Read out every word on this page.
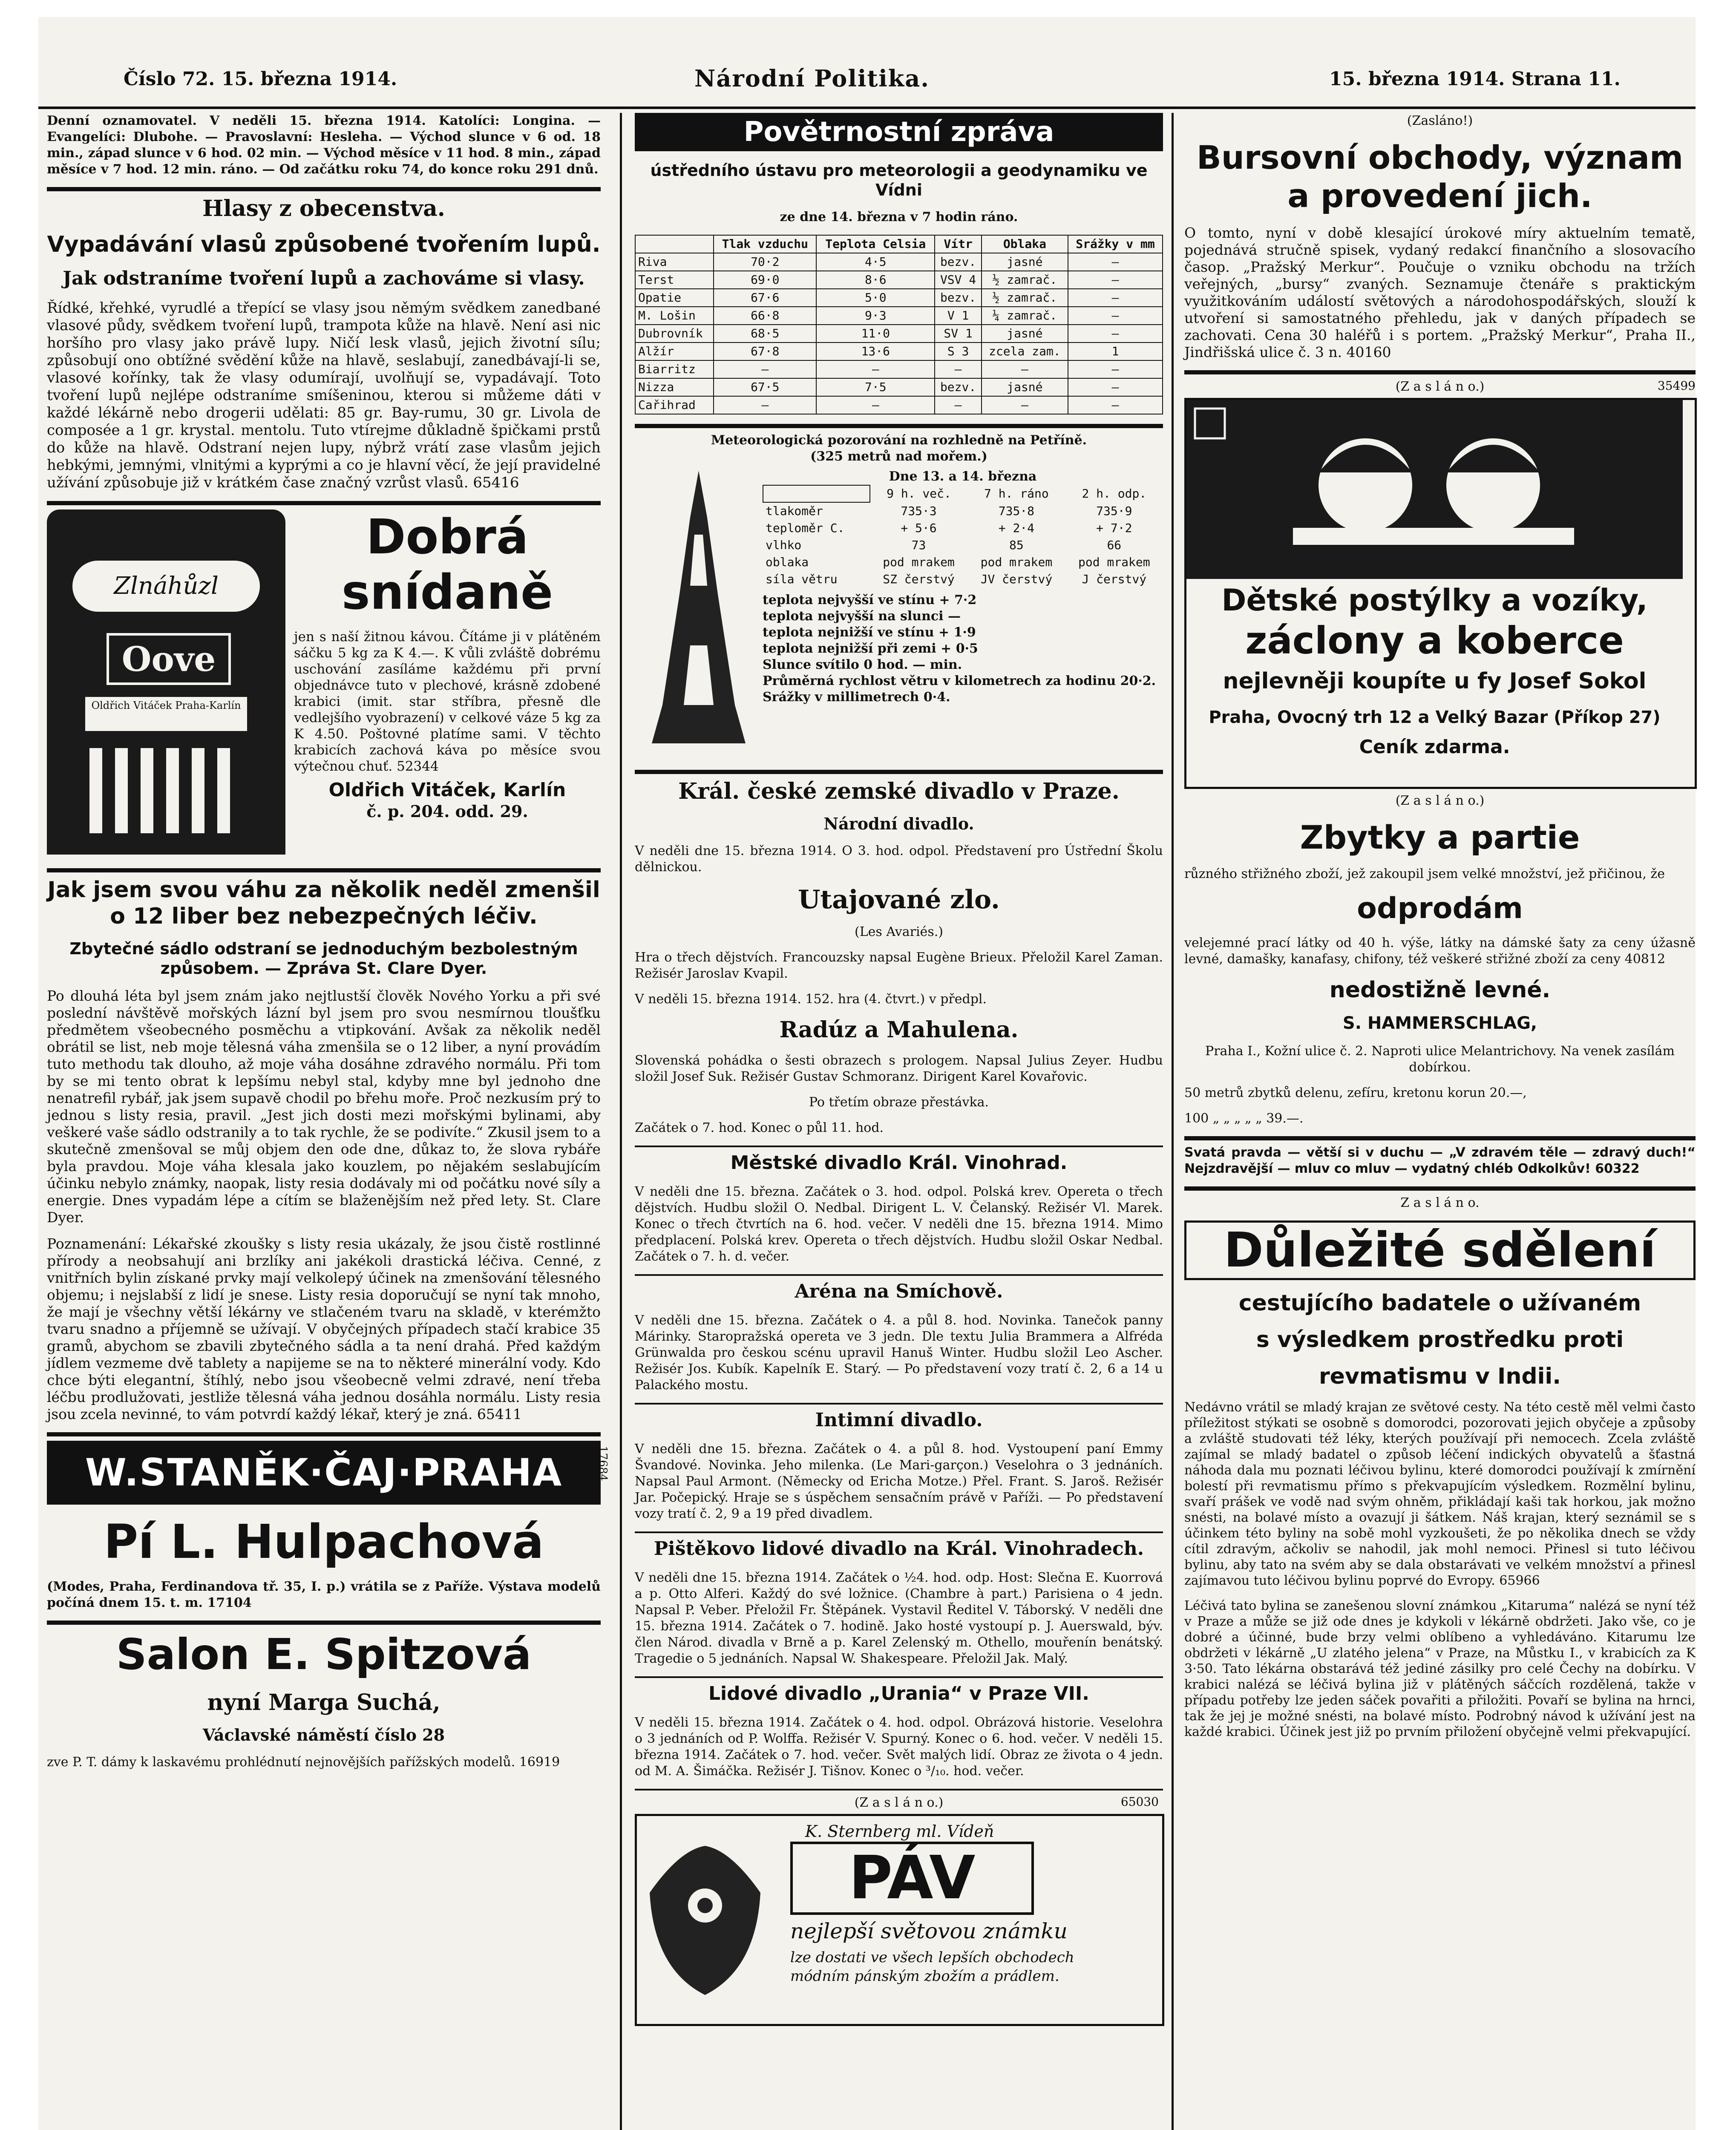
Číslo 72. 15. března 1914.	Národní Politika.	15. března 1914. Strana 11.
Denní oznamovatel. V neděli 15. března 1914. Katolíci: Longina. — Evangelíci: Dlubohe. — Pravoslavní: Hesleha. — Východ slunce v 6 od. 18 min., západ slunce v 6 hod. 02 min. — Východ měsíce v 11 hod. 8 min., západ měsíce v 7 hod. 12 min. ráno. — Od začátku roku 74, do konce roku 291 dnů.
Hlasy z obecenstva.
Vypadávání vlasů způsobené tvořením lupů.
Jak odstraníme tvoření lupů a zachováme si vlasy.
Řídké, křehké, vyrudlé a třepící se vlasy jsou němým svědkem zanedbané vlasové půdy, svědkem tvoření lupů, trampota kůže na hlavě. Není asi nic horšího pro vlasy jako právě lupy. Ničí lesk vlasů, jejich životní sílu; způsobují ono obtížné svědění kůže na hlavě, seslabují, zanedbávají-li se, vlasové kořínky, tak že vlasy odumírají, uvolňují se, vypadávají. Toto tvoření lupů nejlépe odstraníme smíšeninou, kterou si můžeme dáti v každé lékárně nebo drogerii udělati: 85 gr. Bay-rumu, 30 gr. Livola de composée a 1 gr. krystal. mentolu. Tuto vtírejme důkladně špičkami prstů do kůže na hlavě. Odstraní nejen lupy, nýbrž vrátí zase vlasům jejich hebkými, jemnými, vlnitými a kyprými a co je hlavní věcí, že její pravidelné užívání způsobuje již v krátkém čase značný vzrůst vlasů. 65416
Zlnáhůzl
Oove
Oldřich Vitáček Praha-Karlín
Dobrá snídaně
jen s naší žitnou kávou. Čítáme ji v plátěném sáčku 5 kg za K 4.—. K vůli zvláště dobrému uschování zasíláme každému při první objednávce tuto v plechové, krásně zdobené krabici (imit. star stříbra, přesně dle vedlejšího vyobrazení) v celkové váze 5 kg za K 4.50. Poštovné platíme sami. V těchto krabicích zachová káva po měsíce svou výtečnou chuť. 52344
Oldřich Vitáček, Karlín
č. p. 204. odd. 29.
Jak jsem svou váhu za několik neděl zmenšil o 12 liber bez nebezpečných léčiv.
Zbytečné sádlo odstraní se jednoduchým bezbolestným způsobem. — Zpráva St. Clare Dyer.
Po dlouhá léta byl jsem znám jako nejtlustší člověk Nového Yorku a při své poslední návštěvě mořských lázní byl jsem pro svou nesmírnou tloušťku předmětem všeobecného posměchu a vtipkování. Avšak za několik neděl obrátil se list, neb moje tělesná váha zmenšila se o 12 liber, a nyní provádím tuto methodu tak dlouho, až moje váha dosáhne zdravého normálu. Při tom by se mi tento obrat k lepšímu nebyl stal, kdyby mne byl jednoho dne nenatrefil rybář, jak jsem supavě chodil po břehu moře. Proč nezkusím prý to jednou s listy resia, pravil. „Jest jich dosti mezi mořskými bylinami, aby veškeré vaše sádlo odstranily a to tak rychle, že se podivíte.“ Zkusil jsem to a skutečně zmenšoval se můj objem den ode dne, důkaz to, že slova rybáře byla pravdou. Moje váha klesala jako kouzlem, po nějakém seslabujícím účinku nebylo známky, naopak, listy resia dodávaly mi od počátku nové síly a energie. Dnes vypadám lépe a cítím se blaženějším než před lety. St. Clare Dyer.
Poznamenání: Lékařské zkoušky s listy resia ukázaly, že jsou čistě rostlinné přírody a neobsahují ani brzlíky ani jakékoli drastická léčiva. Cenné, z vnitřních bylin získané prvky mají velkolepý účinek na zmenšování tělesného objemu; i nejslabší z lidí je snese. Listy resia doporučují se nyní tak mnoho, že mají je všechny větší lékárny ve stlačeném tvaru na skladě, v kterémžto tvaru snadno a příjemně se užívají. V obyčejných případech stačí krabice 35 gramů, abychom se zbavili zbytečného sádla a ta není drahá. Před každým jídlem vezmeme dvě tablety a napijeme se na to některé minerální vody. Kdo chce býti elegantní, štíhlý, nebo jsou všeobecně velmi zdravé, není třeba léčbu prodlužovati, jestliže tělesná váha jednou dosáhla normálu. Listy resia jsou zcela nevinné, to vám potvrdí každý lékař, který je zná. 65411
W.STANĚK·ČAJ·PRAHA	17684
Pí L. Hulpachová
(Modes, Praha, Ferdinandova tř. 35, I. p.) vrátila se z Paříže. Výstava modelů počíná dnem 15. t. m. 17104
Salon E. Spitzová
nyní Marga Suchá,
Václavské náměstí číslo 28
zve P. T. dámy k laskavému prohlédnutí nejnovějších pařížských modelů. 16919
Povětrnostní zpráva
ústředního ústavu pro meteorologii a geodynamiku ve Vídni
ze dne 14. března v 7 hodin ráno.
	Tlak vzduchu	Teplota Celsia	Vítr	Oblaka	Srážky v mm
Riva	70·2	4·5	bezv.	jasné	—
Terst	69·0	8·6	VSV 4	½ zamrač.	—
Opatie	67·6	5·0	bezv.	½ zamrač.	—
M. Lošin	66·8	9·3	V 1	¼ zamrač.	—
Dubrovník	68·5	11·0	SV 1	jasné	—
Alžír	67·8	13·6	S 3	zcela zam.	1
Biarritz	—	—	—	—	—
Nizza	67·5	7·5	bezv.	jasné	—
Cařihrad	—	—	—	—	—
Meteorologická pozorování na rozhledně na Petříně.
(325 metrů nad mořem.)
Dne 13. a 14. března
	9 h. več.	7 h. ráno	2 h. odp.
tlakoměr	735·3	735·8	735·9
teploměr C.	+ 5·6	+ 2·4	+ 7·2
vlhko	73	85	66
oblaka	pod mrakem	pod mrakem	pod mrakem
síla větru	SZ čerstvý	JV čerstvý	J čerstvý
teplota nejvyšší ve stínu + 7·2
teplota nejvyšší na slunci —
teplota nejnižší ve stínu + 1·9
teplota nejnižší při zemi + 0·5
Slunce svítilo 0 hod. — min.
Průměrná rychlost větru v kilometrech za hodinu 20·2.
Srážky v millimetrech 0·4.
Král. české zemské divadlo v Praze.
Národní divadlo.
V neděli dne 15. března 1914. O 3. hod. odpol. Představení pro Ústřední Školu dělnickou.
Utajované zlo.
(Les Avariés.)
Hra o třech dějstvích. Francouzsky napsal Eugène Brieux. Přeložil Karel Zaman. Režisér Jaroslav Kvapil.
V neděli 15. března 1914. 152. hra (4. čtvrt.) v předpl.
Radúz a Mahulena.
Slovenská pohádka o šesti obrazech s prologem. Napsal Julius Zeyer. Hudbu složil Josef Suk. Režisér Gustav Schmoranz. Dirigent Karel Kovařovic.
Po třetím obraze přestávka.
Začátek o 7. hod. Konec o půl 11. hod.
Městské divadlo Král. Vinohrad.
V neděli dne 15. března. Začátek o 3. hod. odpol. Polská krev. Opereta o třech dějstvích. Hudbu složil O. Nedbal. Dirigent L. V. Čelanský. Režisér Vl. Marek. Konec o třech čtvrtích na 6. hod. večer. V neděli dne 15. března 1914. Mimo předplacení. Polská krev. Opereta o třech dějstvích. Hudbu složil Oskar Nedbal. Začátek o 7. h. d. večer.
Aréna na Smíchově.
V neděli dne 15. března. Začátek o 4. a půl 8. hod. Novinka. Tanečok panny Márinky. Staropražská opereta ve 3 jedn. Dle textu Julia Brammera a Alfréda Grünwalda pro českou scénu upravil Hanuš Winter. Hudbu složil Leo Ascher. Režisér Jos. Kubík. Kapelník E. Starý. — Po představení vozy tratí č. 2, 6 a 14 u Palackého mostu.
Intimní divadlo.
V neděli dne 15. března. Začátek o 4. a půl 8. hod. Vystoupení paní Emmy Švandové. Novinka. Jeho milenka. (Le Mari-garçon.) Veselohra o 3 jednáních. Napsal Paul Armont. (Německy od Ericha Motze.) Přel. Frant. S. Jaroš. Režisér Jar. Počepický. Hraje se s úspěchem sensačním právě v Paříži. — Po představení vozy tratí č. 2, 9 a 19 před divadlem.
Pištěkovo lidové divadlo na Král. Vinohradech.
V neděli dne 15. března 1914. Začátek o ½4. hod. odp. Host: Slečna E. Kuorrová a p. Otto Alferi. Každý do své ložnice. (Chambre à part.) Parisiena o 4 jedn. Napsal P. Veber. Přeložil Fr. Štěpánek. Vystavil Ředitel V. Táborský. V neděli dne 15. března 1914. Začátek o 7. hodině. Jako hosté vystoupí p. J. Auerswald, býv. člen Národ. divadla v Brně a p. Karel Zelenský m. Othello, mouřenín benátský. Tragedie o 5 jednáních. Napsal W. Shakespeare. Přeložil Jak. Malý.
Lidové divadlo „Urania“ v Praze VII.
V neděli 15. března 1914. Začátek o 4. hod. odpol. Obrázová historie. Veselohra o 3 jednáních od P. Wolffa. Režisér V. Spurný. Konec o 6. hod. večer. V neděli 15. března 1914. Začátek o 7. hod. večer. Svět malých lidí. Obraz ze života o 4 jedn. od M. A. Šimáčka. Režisér J. Tišnov. Konec o ³/₁₀. hod. večer.
(Z a s l á n o.)	65030
K. Sternberg ml. Vídeň
PÁV
nejlepší světovou známku
lze dostati ve všech lepších obchodech módním pánským zbožím a prádlem.
(Zasláno!)
Bursovní obchody, význam a provedení jich.
O tomto, nyní v době klesající úrokové míry aktuelním tematě, pojednává stručně spisek, vydaný redakcí finančního a slosovacího časop. „Pražský Merkur“. Poučuje o vzniku obchodu na tržích veřejných, „bursy“ zvaných. Seznamuje čtenáře s praktickým využitkováním událostí světových a národohospodářských, slouží k utvoření si samostatného přehledu, jak v daných případech se zachovati. Cena 30 haléřů i s portem. „Pražský Merkur“, Praha II., Jindřišská ulice č. 3 n. 40160
(Z a s l á n o.)	35499
Dětské postýlky a vozíky,
záclony a koberce
nejlevněji koupíte u fy Josef Sokol
Praha, Ovocný trh 12 a Velký Bazar (Příkop 27)
Ceník zdarma.
(Z a s l á n o.)
Zbytky a partie
různého střižného zboží, jež zakoupil jsem velké množství, jež přičinou, že
odprodám
velejemné prací látky od 40 h. výše, látky na dámské šaty za ceny úžasně levné, damašky, kanafasy, chifony, též veškeré střižné zboží za ceny 40812
nedostižně levné.
S. HAMMERSCHLAG,
Praha I., Kožní ulice č. 2. Naproti ulice Melantrichovy. Na venek zasílám dobírkou.
50 metrů zbytků delenu, zefíru, kretonu korun 20.—,
100 „ „ „ „ „ 39.—.
Svatá pravda — větší si v duchu — „V zdravém těle — zdravý duch!“ Nejzdravější — mluv co mluv — vydatný chléb Odkolkův! 60322
Z a s l á n o.
Důležité sdělení
cestujícího badatele o užívaném
s výsledkem prostředku proti
revmatismu v Indii.
Nedávno vrátil se mladý krajan ze světové cesty. Na této cestě měl velmi často příležitost stýkati se osobně s domorodci, pozorovati jejich obyčeje a způsoby a zvláště studovati též léky, kterých používají při nemocech. Zcela zvláště zajímal se mladý badatel o způsob léčení indických obyvatelů a šťastná náhoda dala mu poznati léčivou bylinu, které domorodci používají k zmírnění bolestí při revmatismu přímo s překvapujícím výsledkem. Rozmělní bylinu, svaří prášek ve vodě nad svým ohněm, přikládají kaši tak horkou, jak možno snésti, na bolavé místo a ovazují ji šátkem. Náš krajan, který seznámil se s účinkem této byliny na sobě mohl vyzkoušeti, že po několika dnech se vždy cítil zdravým, ačkoliv se nahodil, jak mohl nemoci. Přinesl si tuto léčivou bylinu, aby tato na svém aby se dala obstarávati ve velkém množství a přinesl zajímavou tuto léčivou bylinu poprvé do Evropy. 65966
Léčivá tato bylina se zanešenou slovní známkou „Kitaruma“ nalézá se nyní též v Praze a může se již ode dnes je kdykoli v lékárně obdržeti. Jako vše, co je dobré a účinné, bude brzy velmi oblíbeno a vyhledáváno. Kitarumu lze obdržeti v lékárně „U zlatého jelena“ v Praze, na Můstku I., v krabicích za K 3·50. Tato lékárna obstarává též jediné zásilky pro celé Čechy na dobírku. V krabici nalézá se léčivá bylina již v plátěných sáčcích rozdělená, takže v případu potřeby lze jeden sáček povařiti a přiložiti. Povaří se bylina na hrnci, tak že jej je možné snésti, na bolavé místo. Podrobný návod k užívání jest na každé krabici. Účinek jest již po prvním přiložení obyčejně velmi překvapující.
